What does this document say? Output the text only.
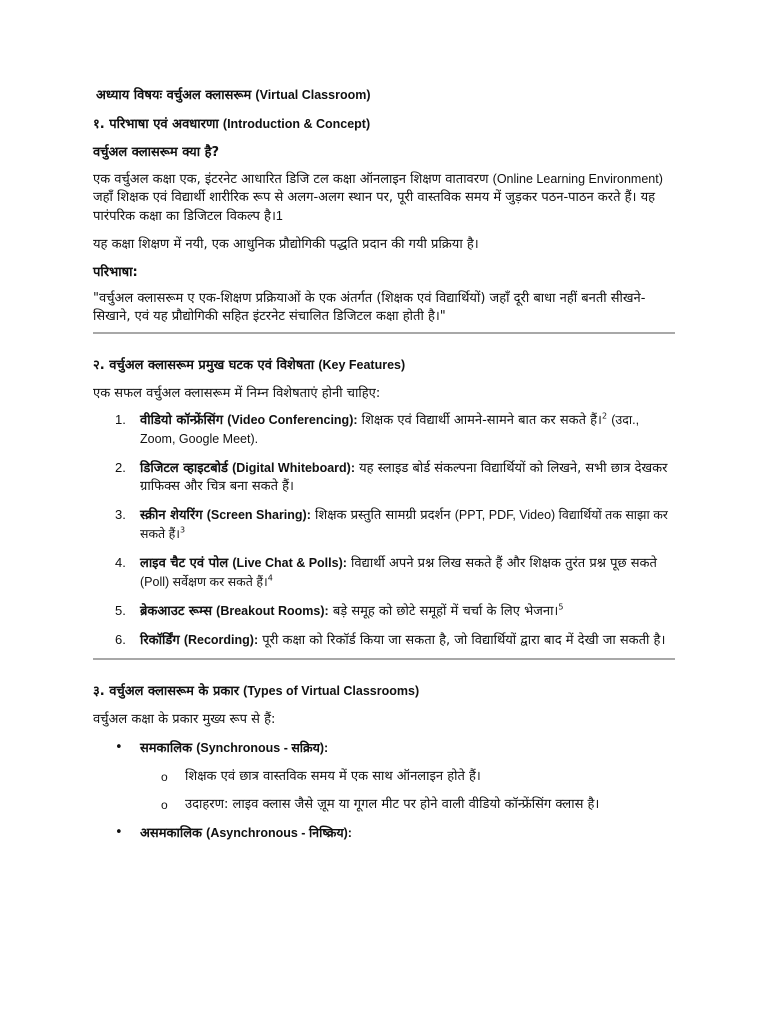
अध्याय विषयः वर्चुअल क्लासरूम (Virtual Classroom)

१. परिभाषा एवं अवधारणा (Introduction & Concept)

वर्चुअल क्लासरूम क्या है?

एक वर्चुअल कक्षा एक, इंटरनेट आधारित डिजि टल कक्षा ऑनलाइन शिक्षण वातावरण (Online Learning Environment) जहाँ शिक्षक एवं विद्यार्थी शारीरिक रूप से अलग-अलग स्थान पर, पूरी वास्तविक समय में जुड़कर पठन-पाठन करते हैं। यह पारंपरिक कक्षा का डिजिटल विकल्प है।1

यह कक्षा शिक्षण में नयी, एक आधुनिक प्रौद्योगिकी पद्धति प्रदान की गयी प्रक्रिया है।

परिभाषा:

"वर्चुअल क्लासरूम ए एक-शिक्षण प्रक्रियाओं के एक अंतर्गत (शिक्षक एवं विद्यार्थियों) जहाँ दूरी बाधा नहीं बनती सीखने-सिखाने, एवं यह प्रौद्योगिकी सहित इंटरनेट संचालित डिजिटल कक्षा होती है।"

२. वर्चुअल क्लासरूम प्रमुख घटक एवं विशेषता (Key Features)

एक सफल वर्चुअल क्लासरूम में निम्न विशेषताएं होनी चाहिए:

1. वीडियो कॉन्फ्रेंसिंग (Video Conferencing): शिक्षक एवं विद्यार्थी आमने-सामने बात कर सकते हैं।$^2$ (उदा., Zoom, Google Meet).
2. डिजिटल व्हाइटबोर्ड (Digital Whiteboard): यह स्लाइड बोर्ड संकल्पना विद्यार्थियों को लिखने, सभी छात्र देखकर ग्राफिक्स और चित्र बना सकते हैं।
3. स्क्रीन शेयरिंग (Screen Sharing): शिक्षक प्रस्तुति सामग्री प्रदर्शन (PPT, PDF, Video) विद्यार्थियों तक साझा कर सकते हैं।$^3$
4. लाइव चैट एवं पोल (Live Chat & Polls): विद्यार्थी अपने प्रश्न लिख सकते हैं और शिक्षक तुरंत प्रश्न पूछ सकते (Poll) सर्वेक्षण कर सकते हैं।$^4$
5. ब्रेकआउट रूम्स (Breakout Rooms): बड़े समूह को छोटे समूहों में चर्चा के लिए भेजना।$^5$
6. रिकॉर्डिंग (Recording): पूरी कक्षा को रिकॉर्ड किया जा सकता है, जो विद्यार्थियों द्वारा बाद में देखी जा सकती है।

३. वर्चुअल क्लासरूम के प्रकार (Types of Virtual Classrooms)

वर्चुअल कक्षा के प्रकार मुख्य रूप से हैं:

• समकालिक (Synchronous - सक्रिय):
o शिक्षक एवं छात्र वास्तविक समय में एक साथ ऑनलाइन होते हैं।
o उदाहरण: लाइव क्लास जैसे ज़ूम या गूगल मीट पर होने वाली वीडियो कॉन्फ्रेंसिंग क्लास है।
• असमकालिक (Asynchronous - निष्क्रिय):
